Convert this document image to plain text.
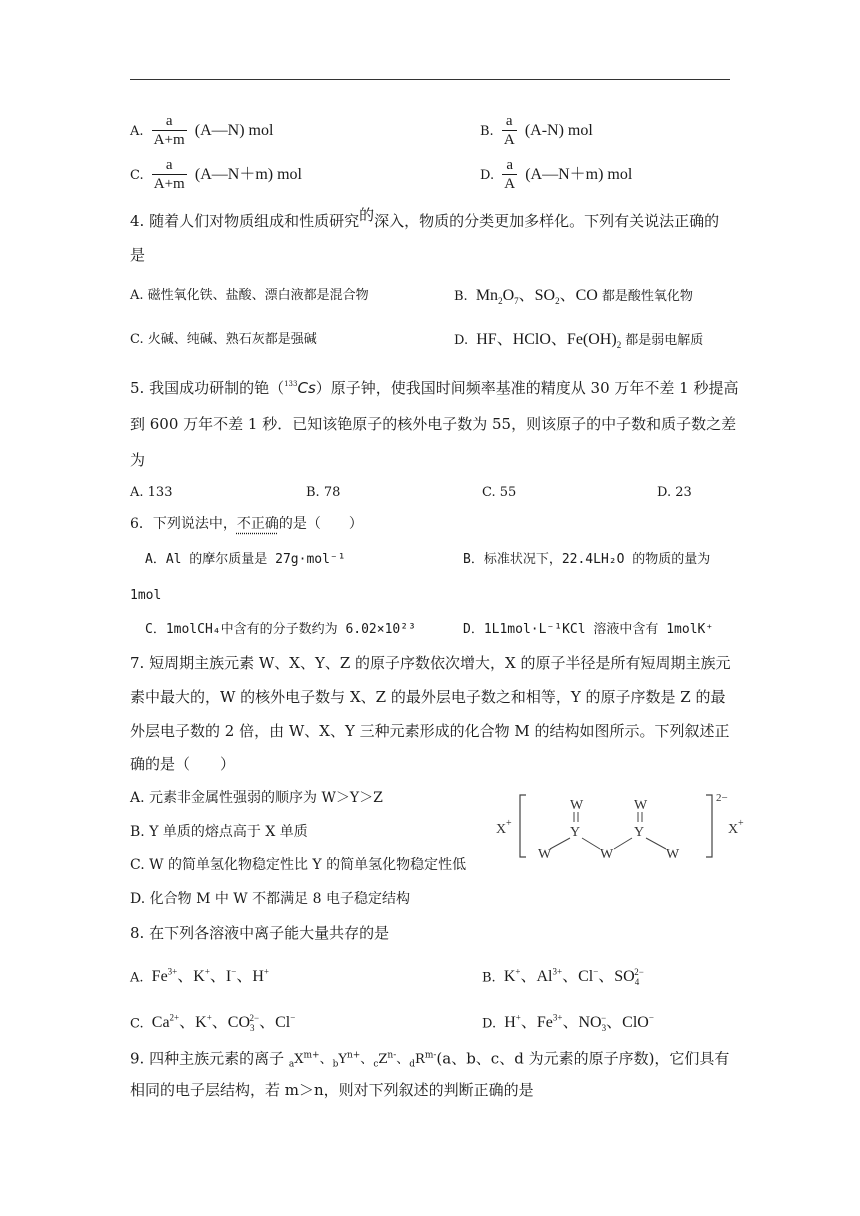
A. $\frac{a}{A+m}$ (A—N) mol	B. $\frac{a}{A} (A-N)$ mol
C. $\frac{a}{A+m}$ (A—N＋m) mol	D. $\frac{a}{A}$ (A—N＋m) mol
4. 随着人们对物质组成和性质研究的深入，物质的分类更加多样化。下列有关说法正确的
是
A. 磁性氧化铁、盐酸、漂白液都是混合物	B.  $Mn_2O_7$、$SO_2$、CO 都是酸性氧化物
C. 火碱、纯碱、熟石灰都是强碱	D.  HF、HClO、$Fe(OH)_2$ 都是弱电解质
5. 我国成功研制的铯（$^{133}$Cs）原子钟，使我国时间频率基准的精度从 30 万年不差 1 秒提高
到 600 万年不差 1 秒．已知该铯原子的核外电子数为 55，则该原子的中子数和质子数之差
为
A. 133	B. 78	C. 55	D. 23
6．下列说法中，不正确的是（　　）
A．Al 的摩尔质量是 27g·mol⁻¹	B．标准状况下，22.4LH₂O 的物质的量为
1mol
C．1molCH₄中含有的分子数约为 6.02×10²³	D．1L1mol·L⁻¹KCl 溶液中含有 1molK⁺
7. 短周期主族元素 W、X、Y、Z 的原子序数依次增大，X 的原子半径是所有短周期主族元
素中最大的，W 的核外电子数与 X、Z 的最外层电子数之和相等，Y 的原子序数是 Z 的最
外层电子数的 2 倍，由 W、X、Y 三种元素形成的化合物 M 的结构如图所示。下列叙述正
确的是（　　）
A. 元素非金属性强弱的顺序为 W＞Y＞Z
B. Y 单质的熔点高于 X 单质
C. W 的简单氢化物稳定性比 Y 的简单氢化物稳定性低
D. 化合物 M 中 W 不都满足 8 电子稳定结构
X +
2−
X +
W
Y
W	W
W
Y
W
8. 在下列各溶液中离子能大量共存的是
A.  $Fe^{3+}$、K+、I−、H+	B.  K+、$Al^{3+}$、Cl−、$SO_4^{2-}$
C.  $Ca^{2+}$、K+、$CO_3^{2-}$、Cl−	D.  H+、$Fe^{3+}$、$NO_3^-$、ClO−
9. 四种主族元素的离子 $_aX^{m+}$、$_bY^{n+}$、$_cZ^{n-}$、$_dR^{m-}(a$、b、c、d 为元素的原子序数)，它们具有
相同的电子层结构，若 m＞n，则对下列叙述的判断正确的是
